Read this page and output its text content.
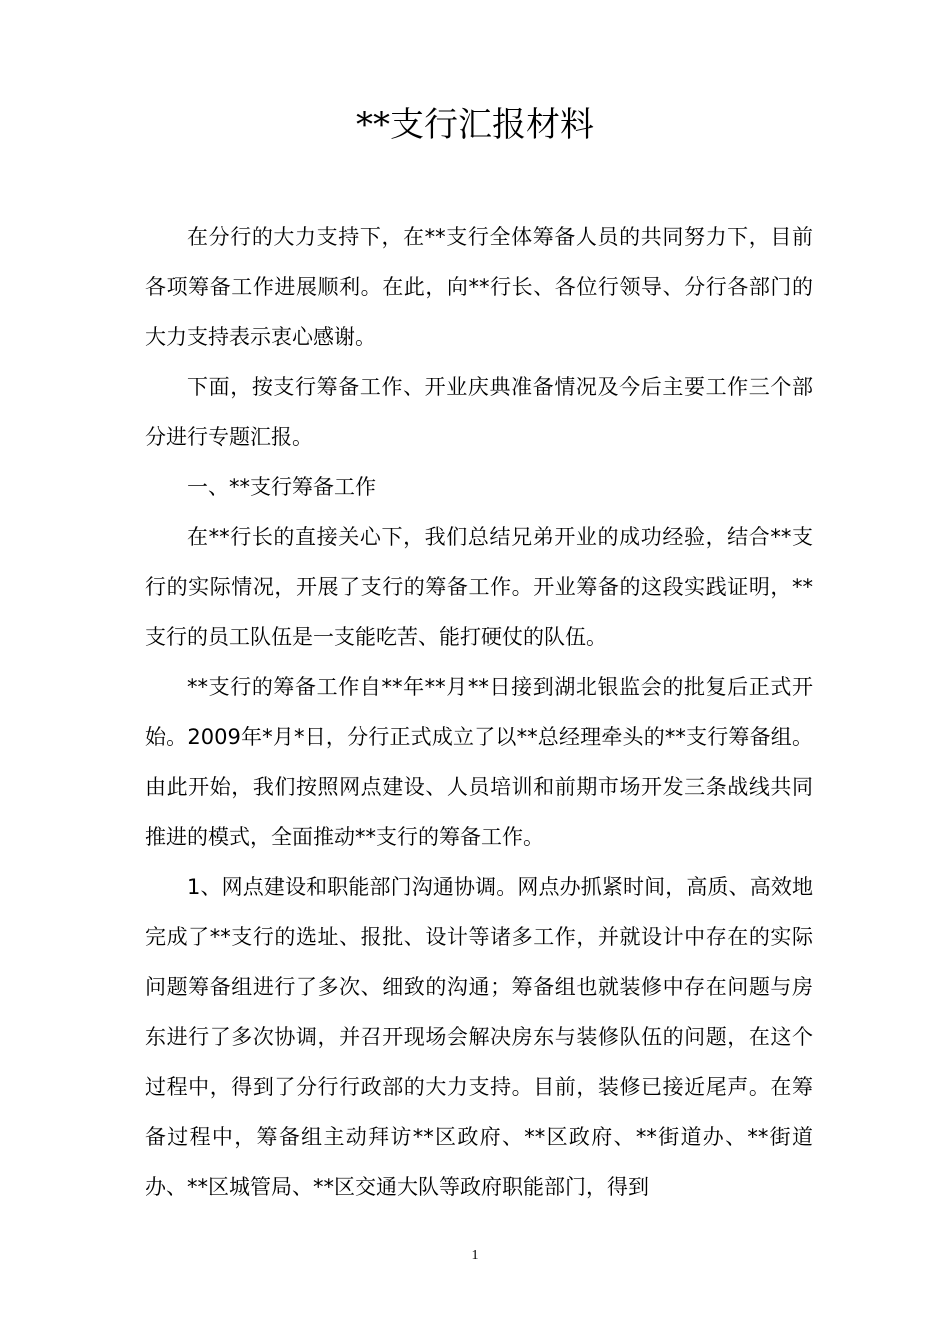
**支行汇报材料

在分行的大力支持下，在**支行全体筹备人员的共同努力下，目前各项筹备工作进展顺利。在此，向**行长、各位行领导、分行各部门的大力支持表示衷心感谢。

下面，按支行筹备工作、开业庆典准备情况及今后主要工作三个部分进行专题汇报。

一、**支行筹备工作

在**行长的直接关心下，我们总结兄弟开业的成功经验，结合**支行的实际情况，开展了支行的筹备工作。开业筹备的这段实践证明，**支行的员工队伍是一支能吃苦、能打硬仗的队伍。

**支行的筹备工作自**年**月**日接到湖北银监会的批复后正式开始。2009年*月*日，分行正式成立了以**总经理牵头的**支行筹备组。由此开始，我们按照网点建设、人员培训和前期市场开发三条战线共同推进的模式，全面推动**支行的筹备工作。

1、网点建设和职能部门沟通协调。网点办抓紧时间，高质、高效地完成了**支行的选址、报批、设计等诸多工作，并就设计中存在的实际问题筹备组进行了多次、细致的沟通；筹备组也就装修中存在问题与房东进行了多次协调，并召开现场会解决房东与装修队伍的问题，在这个过程中，得到了分行行政部的大力支持。目前，装修已接近尾声。在筹备过程中，筹备组主动拜访**区政府、**区政府、**街道办、**街道办、**区城管局、**区交通大队等政府职能部门，得到

1
